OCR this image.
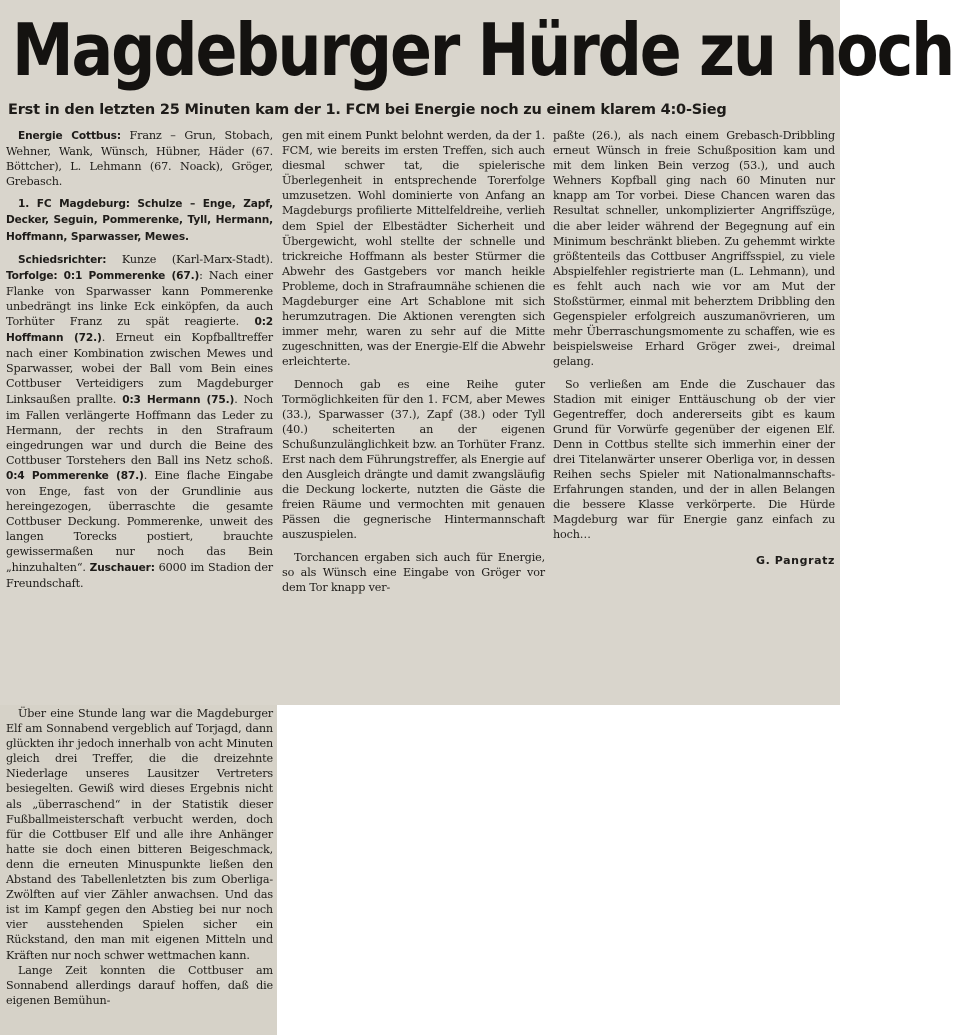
Magdeburger Hürde zu hoch
Erst in den letzten 25 Minuten kam der 1. FCM bei Energie noch zu einem klarem 4:0-Sieg

Energie Cottbus: Franz – Grun, Stobach, Wehner, Wank, Wünsch, Hübner, Häder (67. Böttcher), L. Lehmann (67. Noack), Gröger, Grebasch.

1. FC Magdeburg: Schulze – Enge, Zapf, Decker, Seguin, Pommerenke, Tyll, Hermann, Hoffmann, Sparwasser, Mewes.

Schiedsrichter: Kunze (Karl-Marx-Stadt). Torfolge: 0:1 Pommerenke (67.): Nach einer Flanke von Sparwasser kann Pommerenke unbedrängt ins linke Eck einköpfen, da auch Torhüter Franz zu spät reagierte. 0:2 Hoffmann (72.). Erneut ein Kopfballtreffer nach einer Kombination zwischen Mewes und Sparwasser, wobei der Ball vom Bein eines Cottbuser Verteidigers zum Magdeburger Linksaußen prallte. 0:3 Hermann (75.). Noch im Fallen verlängerte Hoffmann das Leder zu Hermann, der rechts in den Strafraum eingedrungen war und durch die Beine des Cottbuser Torstehers den Ball ins Netz schoß. 0:4 Pommerenke (87.). Eine flache Eingabe von Enge, fast von der Grundlinie aus hereingezogen, überraschte die gesamte Cottbuser Deckung. Pommerenke, unweit des langen Torecks postiert, brauchte gewissermaßen nur noch das Bein „hinzuhalten“. Zuschauer: 6000 im Stadion der Freundschaft.

Über eine Stunde lang war die Magdeburger Elf am Sonnabend vergeblich auf Torjagd, dann glückten ihr jedoch innerhalb von acht Minuten gleich drei Treffer, die die dreizehnte Niederlage unseres Lausitzer Vertreters besiegelten. Gewiß wird dieses Ergebnis nicht als „überraschend“ in der Statistik dieser Fußballmeisterschaft verbucht werden, doch für die Cottbuser Elf und alle ihre Anhänger hatte sie doch einen bitteren Beigeschmack, denn die erneuten Minuspunkte ließen den Abstand des Tabellenletzten bis zum Oberliga-Zwölften auf vier Zähler anwachsen. Und das ist im Kampf gegen den Abstieg bei nur noch vier ausstehenden Spielen sicher ein Rückstand, den man mit eigenen Mitteln und Kräften nur noch schwer wettmachen kann.

Lange Zeit konnten die Cottbuser am Sonnabend allerdings darauf hoffen, daß die eigenen Bemühun-

gen mit einem Punkt belohnt werden, da der 1. FCM, wie bereits im ersten Treffen, sich auch diesmal schwer tat, die spielerische Überlegenheit in entsprechende Torerfolge umzusetzen. Wohl dominierte von Anfang an Magdeburgs profilierte Mittelfeldreihe, verlieh dem Spiel der Elbestädter Sicherheit und Übergewicht, wohl stellte der schnelle und trickreiche Hoffmann als bester Stürmer die Abwehr des Gastgebers vor manch heikle Probleme, doch in Strafraumnähe schienen die Magdeburger eine Art Schablone mit sich herumzutragen. Die Aktionen verengten sich immer mehr, waren zu sehr auf die Mitte zugeschnitten, was der Energie-Elf die Abwehr erleichterte.

Dennoch gab es eine Reihe guter Tormöglichkeiten für den 1. FCM, aber Mewes (33.), Sparwasser (37.), Zapf (38.) oder Tyll (40.) scheiterten an der eigenen Schußunzulänglichkeit bzw. an Torhüter Franz. Erst nach dem Führungstreffer, als Energie auf den Ausgleich drängte und damit zwangsläufig die Deckung lockerte, nutzten die Gäste die freien Räume und vermochten mit genauen Pässen die gegnerische Hintermannschaft auszuspielen.

Torchancen ergaben sich auch für Energie, so als Wünsch eine Eingabe von Gröger vor dem Tor knapp ver-

paßte (26.), als nach einem Grebasch-Dribbling erneut Wünsch in freie Schußposition kam und mit dem linken Bein verzog (53.), und auch Wehners Kopfball ging nach 60 Minuten nur knapp am Tor vorbei. Diese Chancen waren das Resultat schneller, unkomplizierter Angriffszüge, die aber leider während der Begegnung auf ein Minimum beschränkt blieben. Zu gehemmt wirkte größtenteils das Cottbuser Angriffsspiel, zu viele Abspielfehler registrierte man (L. Lehmann), und es fehlt auch nach wie vor am Mut der Stoßstürmer, einmal mit beherztem Dribbling den Gegenspieler erfolgreich auszumanövrieren, um mehr Überraschungsmomente zu schaffen, wie es beispielsweise Erhard Gröger zwei-, dreimal gelang.

So verließen am Ende die Zuschauer das Stadion mit einiger Enttäuschung ob der vier Gegentreffer, doch andererseits gibt es kaum Grund für Vorwürfe gegenüber der eigenen Elf. Denn in Cottbus stellte sich immerhin einer der drei Titelanwärter unserer Oberliga vor, in dessen Reihen sechs Spieler mit Nationalmannschafts-Erfahrungen standen, und der in allen Belangen die bessere Klasse verkörperte. Die Hürde Magdeburg war für Energie ganz einfach zu hoch…

G. Pangratz
